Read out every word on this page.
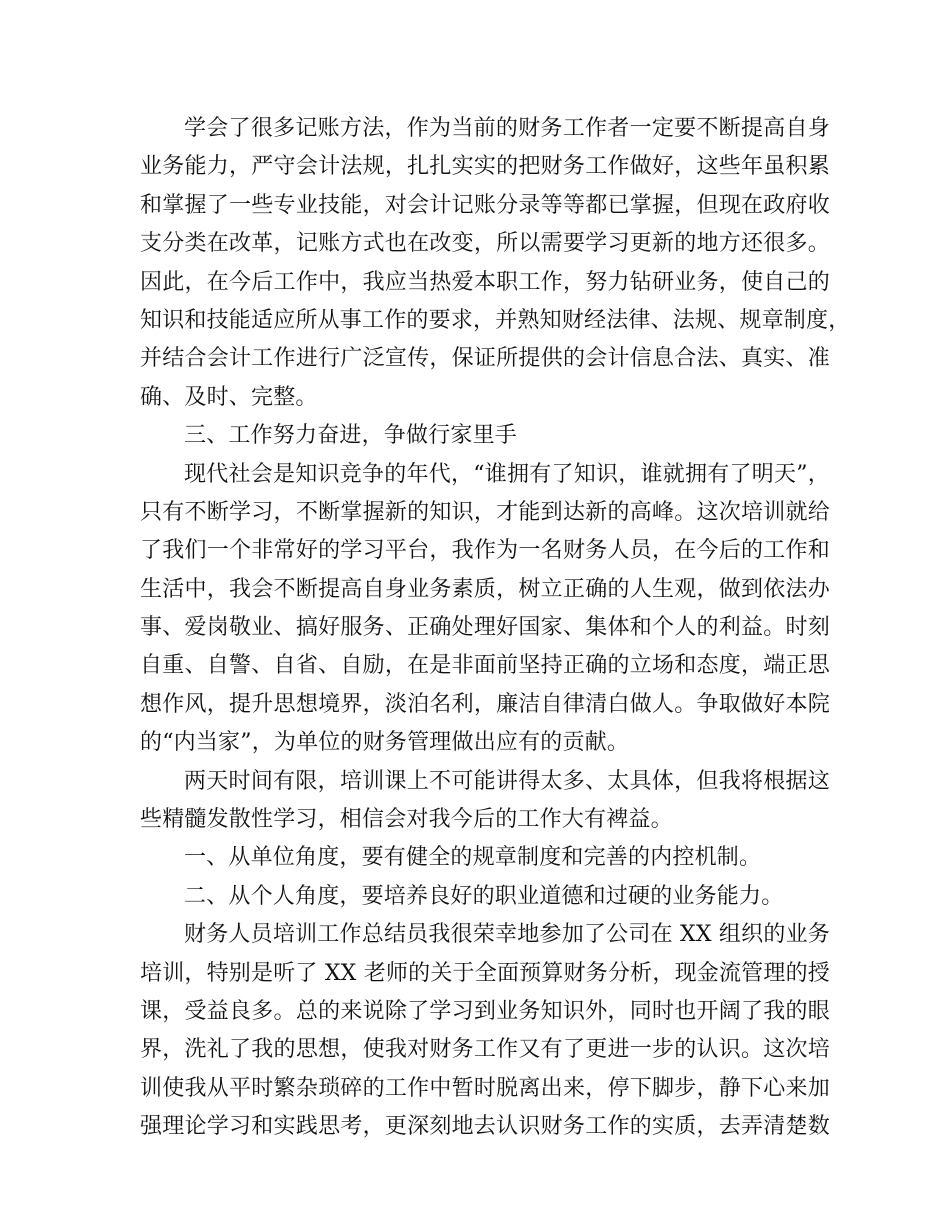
学会了很多记账方法，作为当前的财务工作者一定要不断提高自身
业务能力，严守会计法规，扎扎实实的把财务工作做好，这些年虽积累
和掌握了一些专业技能，对会计记账分录等等都已掌握，但现在政府收
支分类在改革，记账方式也在改变，所以需要学习更新的地方还很多。
因此，在今后工作中，我应当热爱本职工作，努力钻研业务，使自己的
知识和技能适应所从事工作的要求，并熟知财经法律、法规、规章制度，
并结合会计工作进行广泛宣传，保证所提供的会计信息合法、真实、准
确、及时、完整。
三、工作努力奋进，争做行家里手
现代社会是知识竞争的年代，“谁拥有了知识，谁就拥有了明天”，
只有不断学习，不断掌握新的知识，才能到达新的高峰。这次培训就给
了我们一个非常好的学习平台，我作为一名财务人员，在今后的工作和
生活中，我会不断提高自身业务素质，树立正确的人生观，做到依法办
事、爱岗敬业、搞好服务、正确处理好国家、集体和个人的利益。时刻
自重、自警、自省、自励，在是非面前坚持正确的立场和态度，端正思
想作风，提升思想境界，淡泊名利，廉洁自律清白做人。争取做好本院
的“内当家”，为单位的财务管理做出应有的贡献。
两天时间有限，培训课上不可能讲得太多、太具体，但我将根据这
些精髓发散性学习，相信会对我今后的工作大有裨益。
一、从单位角度，要有健全的规章制度和完善的内控机制。
二、从个人角度，要培养良好的职业道德和过硬的业务能力。
财务人员培训工作总结员我很荣幸地参加了公司在 XX 组织的业务
培训，特别是听了 XX 老师的关于全面预算财务分析，现金流管理的授
课，受益良多。总的来说除了学习到业务知识外，同时也开阔了我的眼
界，洗礼了我的思想，使我对财务工作又有了更进一步的认识。这次培
训使我从平时繁杂琐碎的工作中暂时脱离出来，停下脚步，静下心来加
强理论学习和实践思考，更深刻地去认识财务工作的实质，去弄清楚数
